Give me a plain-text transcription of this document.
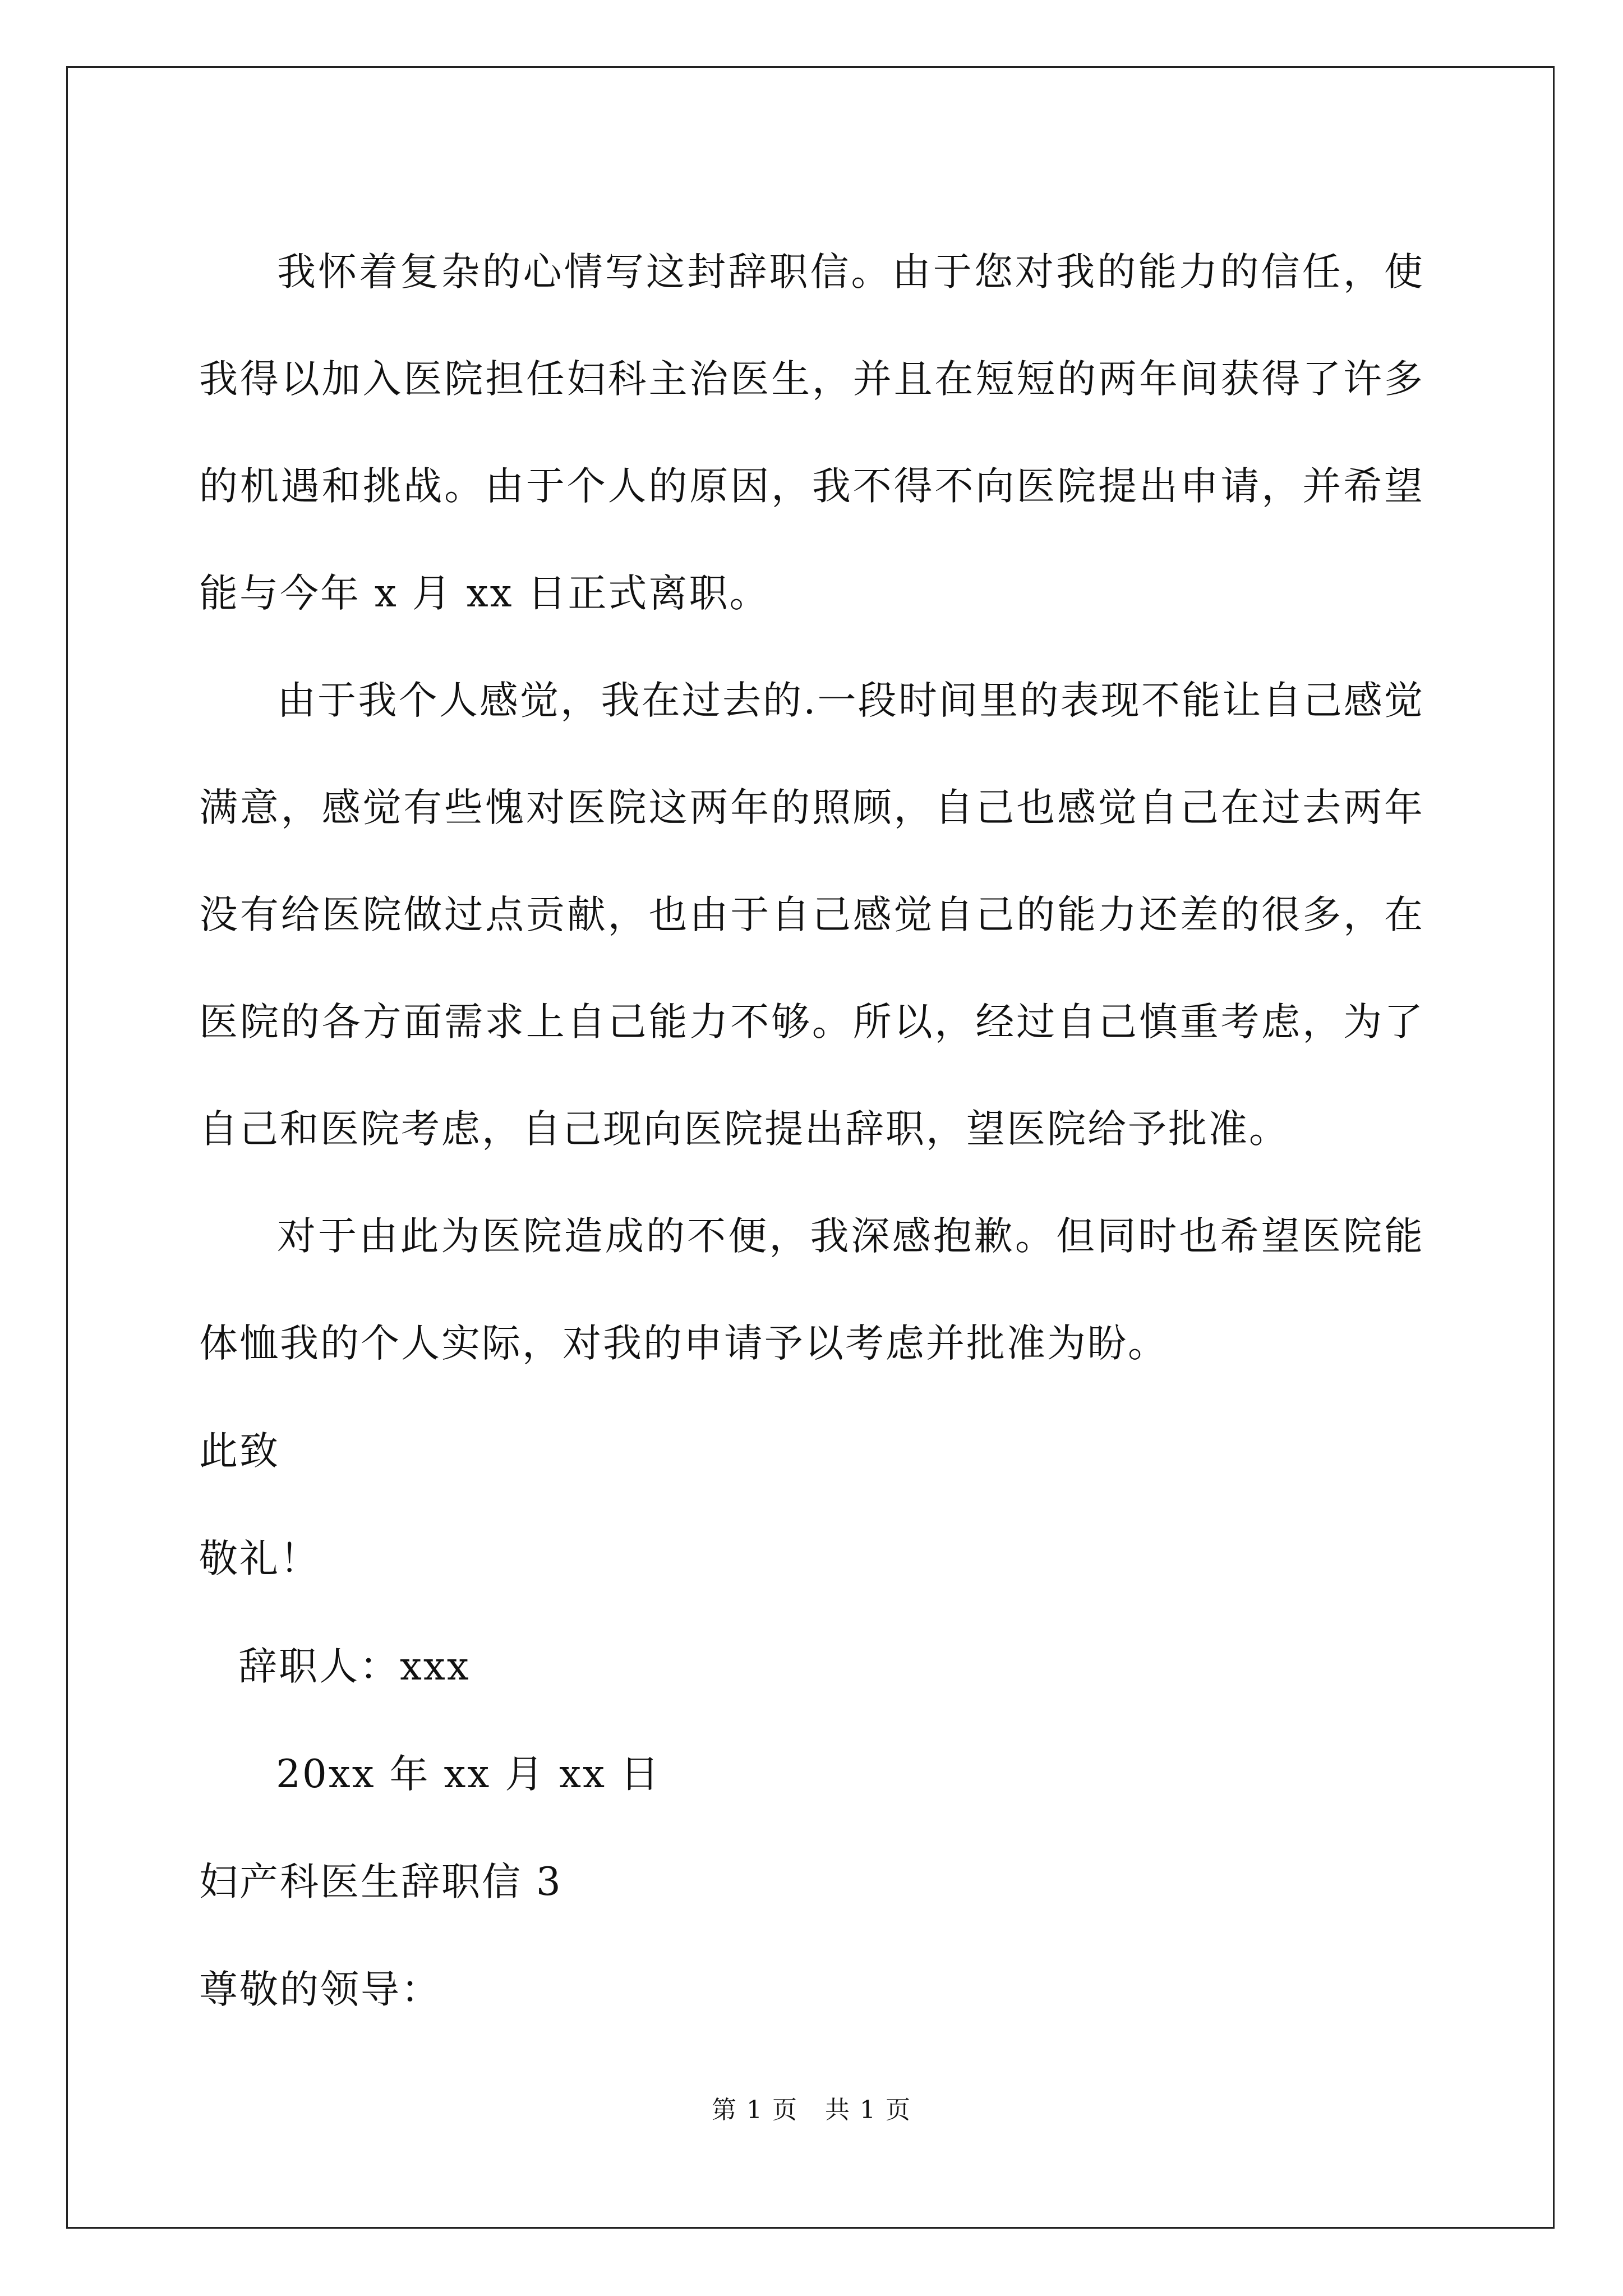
我怀着复杂的心情写这封辞职信。由于您对我的能力的信任，使我得以加入医院担任妇科主治医生，并且在短短的两年间获得了许多的机遇和挑战。由于个人的原因，我不得不向医院提出申请，并希望能与今年 x 月 xx 日正式离职。

由于我个人感觉，我在过去的.一段时间里的表现不能让自己感觉满意，感觉有些愧对医院这两年的照顾，自己也感觉自己在过去两年没有给医院做过点贡献，也由于自己感觉自己的能力还差的很多，在医院的各方面需求上自己能力不够。所以，经过自己慎重考虑，为了自己和医院考虑，自己现向医院提出辞职，望医院给予批准。

对于由此为医院造成的不便，我深感抱歉。但同时也希望医院能体恤我的个人实际，对我的申请予以考虑并批准为盼。

此致

敬礼！

辞职人：xxx

20xx 年 xx 月 xx 日

妇产科医生辞职信 3

尊敬的领导：

第 1 页   共 1 页
